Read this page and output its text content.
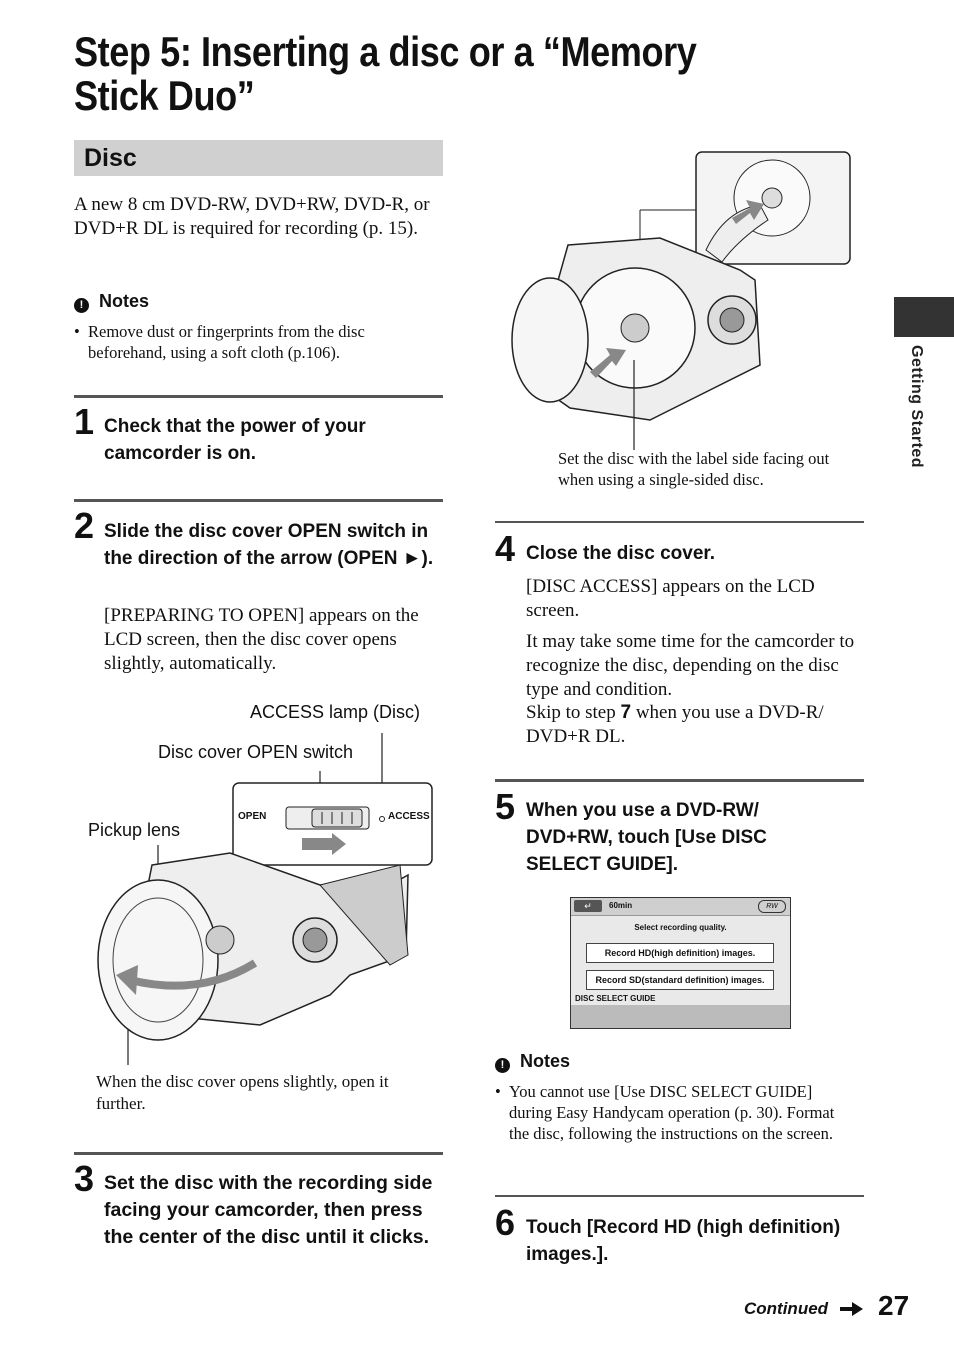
Step 5: Inserting a disc or a “Memory Stick Duo”
Disc
A new 8 cm DVD-RW, DVD+RW, DVD-R, or DVD+R DL is required for recording (p. 15).
! Notes
• Remove dust or fingerprints from the disc beforehand, using a soft cloth (p.106).
1 Check that the power of your camcorder is on.
2 Slide the disc cover OPEN switch in the direction of the arrow (OPEN ►).
[PREPARING TO OPEN] appears on the LCD screen, then the disc cover opens slightly, automatically.
ACCESS lamp (Disc)
Disc cover OPEN switch
Pickup lens
OPEN	ACCESS
When the disc cover opens slightly, open it further.
3 Set the disc with the recording side facing your camcorder, then press the center of the disc until it clicks.
Set the disc with the label side facing out when using a single-sided disc.
4 Close the disc cover.
[DISC ACCESS] appears on the LCD screen.
It may take some time for the camcorder to recognize the disc, depending on the disc type and condition.
Skip to step 7 when you use a DVD-R/ DVD+R DL.
5 When you use a DVD-RW/ DVD+RW, touch [Use DISC SELECT GUIDE].
↵	60min	RW
Select recording quality.
Record HD(high definition) images.
Record SD(standard definition) images.
DISC SELECT GUIDE
! Notes
• You cannot use [Use DISC SELECT GUIDE] during Easy Handycam operation (p. 30). Format the disc, following the instructions on the screen.
6 Touch [Record HD (high definition) images.].
Getting Started
Continued 27
